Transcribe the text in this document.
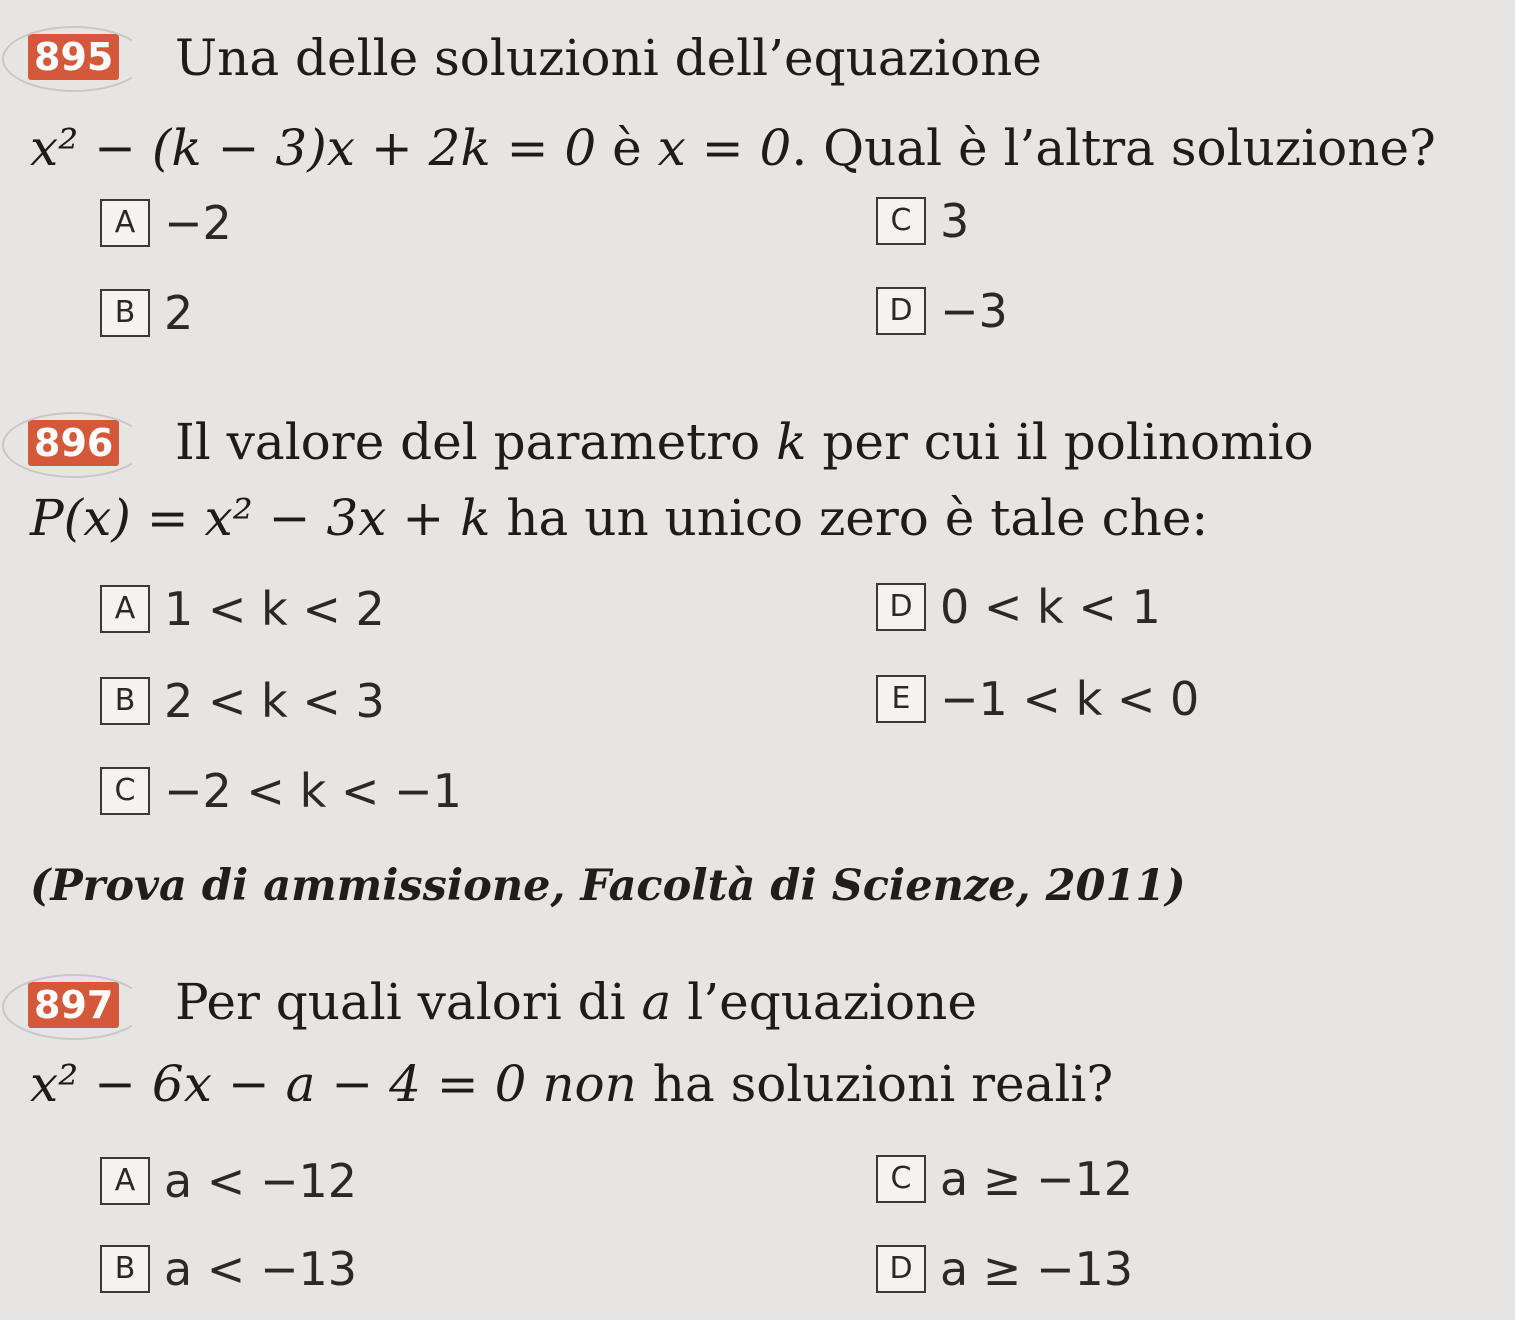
895 Una delle soluzioni dell’equazione
x² − (k − 3)x + 2k = 0 è x = 0. Qual è l’altra soluzione?
A −2
B 2
C 3
D −3
896 Il valore del parametro k per cui il polinomio
P(x) = x² − 3x + k ha un unico zero è tale che:
A 1 < k < 2
B 2 < k < 3
C −2 < k < −1
D 0 < k < 1
E −1 < k < 0
(Prova di ammissione, Facoltà di Scienze, 2011)
897 Per quali valori di a l’equazione
x² − 6x − a − 4 = 0 non ha soluzioni reali?
A a < −12
B a < −13
C a ≥ −12
D a ≥ −13
